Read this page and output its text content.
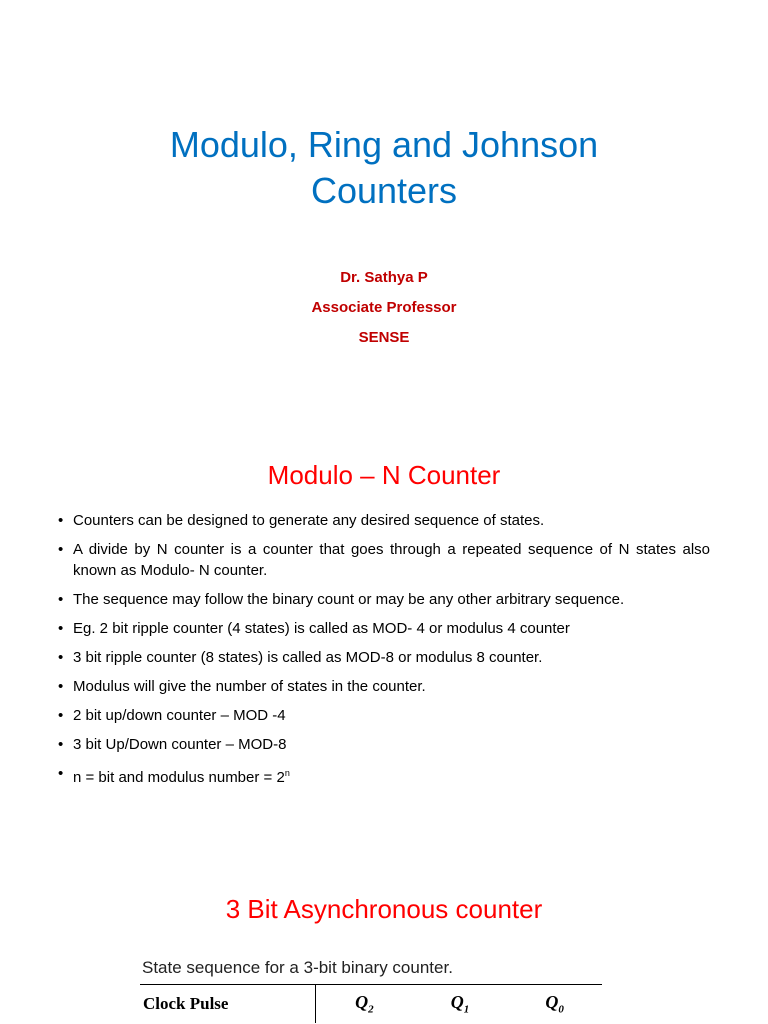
Modulo, Ring and Johnson
Counters
Dr. Sathya P
Associate Professor
SENSE
Modulo – N Counter
• Counters can be designed to generate any desired sequence of states.
• A divide by N counter is a counter that goes through a repeated sequence of N states also known as Modulo- N counter.
• The sequence may follow the binary count or may be any other arbitrary sequence.
• Eg. 2 bit ripple counter (4 states) is called as MOD- 4 or modulus 4 counter
• 3 bit ripple counter (8 states) is called as MOD-8 or modulus 8 counter.
• Modulus will give the number of states in the counter.
• 2 bit up/down counter – MOD -4
• 3 bit Up/Down counter – MOD-8
• n = bit and modulus number = $2^n$
3 Bit Asynchronous counter
State sequence for a 3-bit binary counter.
Clock Pulse	$Q_2$	$Q_1$	$Q_0$
